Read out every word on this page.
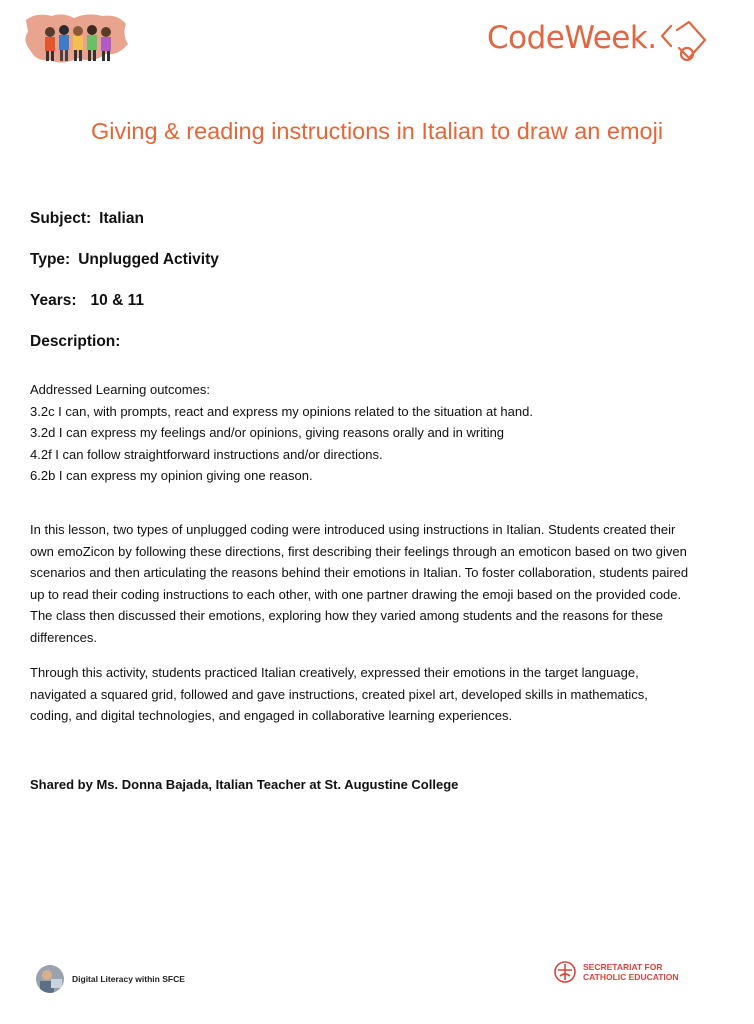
CodeWeek.
Giving & reading instructions in Italian to draw an emoji
Subject: Italian
Type: Unplugged Activity
Years: 10 & 11
Description:
Addressed Learning outcomes:
3.2c I can, with prompts, react and express my opinions related to the situation at hand.
3.2d I can express my feelings and/or opinions, giving reasons orally and in writing
4.2f I can follow straightforward instructions and/or directions.
6.2b I can express my opinion giving one reason.
In this lesson, two types of unplugged coding were introduced using instructions in Italian. Students created their own emoZicon by following these directions, first describing their feelings through an emoticon based on two given scenarios and then articulating the reasons behind their emotions in Italian. To foster collaboration, students paired up to read their coding instructions to each other, with one partner drawing the emoji based on the provided code. The class then discussed their emotions, exploring how they varied among students and the reasons for these differences.
Through this activity, students practiced Italian creatively, expressed their emotions in the target language, navigated a squared grid, followed and gave instructions, created pixel art, developed skills in mathematics, coding, and digital technologies, and engaged in collaborative learning experiences.
Shared by Ms. Donna Bajada, Italian Teacher at St. Augustine College
Digital Literacy within SFCE
SECRETARIAT FOR
CATHOLIC EDUCATION
